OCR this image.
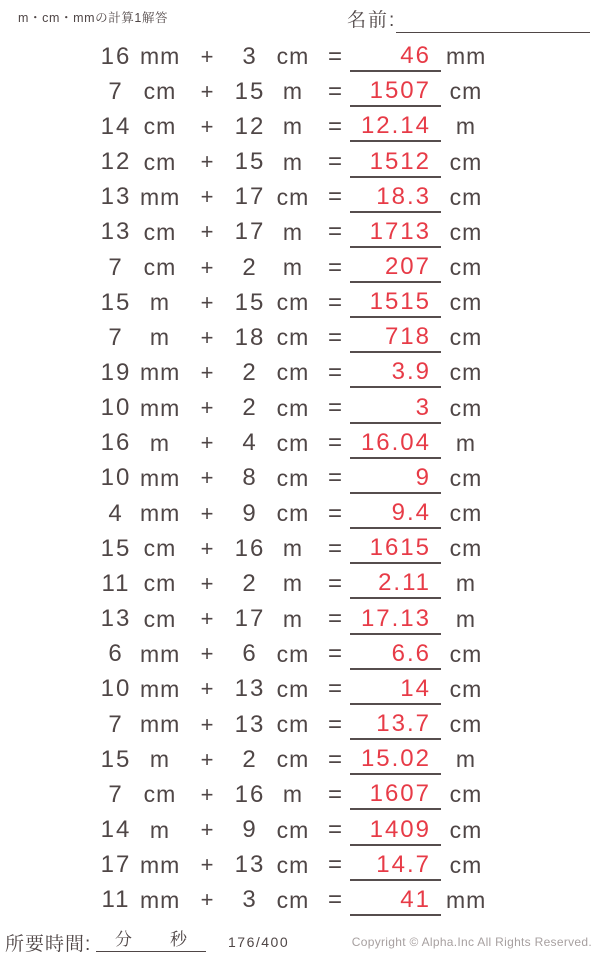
m・cm・mmの計算1解答	名前:
16 mm +	3 cm =	46 mm
7 cm	+ 15 m	=	1507 cm
14 cm	+ 12 m	= 12.14	m
12 cm	+ 15 m	=	1512 cm
13 mm + 17 cm =	18.3 cm
13 cm	+ 17 m	=	1713 cm
7 cm	+	2	m	=	207 cm
15 m	+ 15 cm =	1515 cm
7	m	+ 18 cm =	718 cm
19 mm +	2 cm =	3.9 cm
10 mm +	2 cm =	3 cm
16 m	+	4 cm = 16.04	m
10 mm +	8 cm =	9 cm
4 mm +	9 cm =	9.4 cm
15 cm	+ 16 m	=	1615 cm
11 cm	+	2	m	=	2.11	m
13 cm	+ 17 m	= 17.13	m
6 mm +	6 cm =	6.6 cm
10 mm + 13 cm =	14 cm
7 mm + 13 cm =	13.7 cm
15 m	+	2 cm = 15.02	m
7 cm	+ 16 m	=	1607 cm
14 m	+	9 cm =	1409 cm
17 mm + 13 cm =	14.7 cm
11 mm +	3 cm =	41 mm
所要時間: 分 秒	176/400	Copyright © Alpha.Inc All Rights Reserved.
